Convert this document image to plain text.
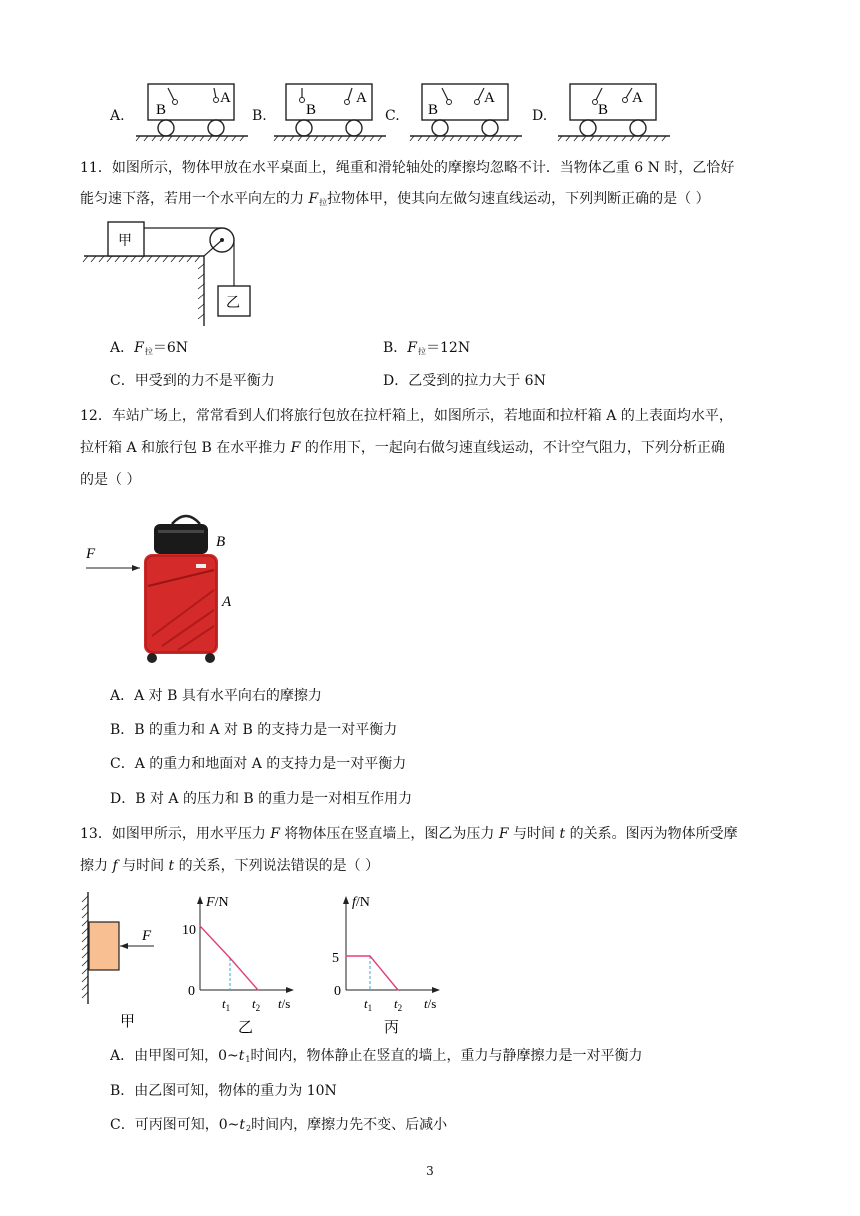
A. B
A
B.	B
A
C. B
A
D.	B
A
11．如图所示，物体甲放在水平桌面上，绳重和滑轮轴处的摩擦均忽略不计．当物体乙重 6 N 时，乙恰好
能匀速下落，若用一个水平向左的力 $F_拉$拉物体甲，使其向左做匀速直线运动，下列判断正确的是（ ）
甲
乙
A．$F_拉=6N$	B．$F_拉=12N$
C．甲受到的力不是平衡力	D．乙受到的拉力大于 6N
12．车站广场上，常常看到人们将旅行包放在拉杆箱上，如图所示，若地面和拉杆箱 A 的上表面均水平，
拉杆箱 A 和旅行包 B 在水平推力 F 的作用下，一起向右做匀速直线运动，不计空气阻力，下列分析正确
的是（ ）
F
B
A
A．A 对 B 具有水平向右的摩擦力
B．B 的重力和 A 对 B 的支持力是一对平衡力
C．A 的重力和地面对 A 的支持力是一对平衡力
D．B 对 A 的压力和 B 的重力是一对相互作用力
13．如图甲所示，用水平压力 F 将物体压在竖直墙上，图乙为压力 F 与时间 t 的关系。图丙为物体所受摩
擦力 f 与时间 t 的关系，下列说法错误的是（ ）
F
甲
F/N
10
0
$t_1$ $t_2$ t/s
乙
f/N
5
0
$t_1$ $t_2$ t/s
丙
A．由甲图可知，$0\sim t_1$时间内，物体静止在竖直的墙上，重力与静摩擦力是一对平衡力
B．由乙图可知，物体的重力为 10N
C．可丙图可知，$0\sim t_2$时间内，摩擦力先不变、后减小
3
